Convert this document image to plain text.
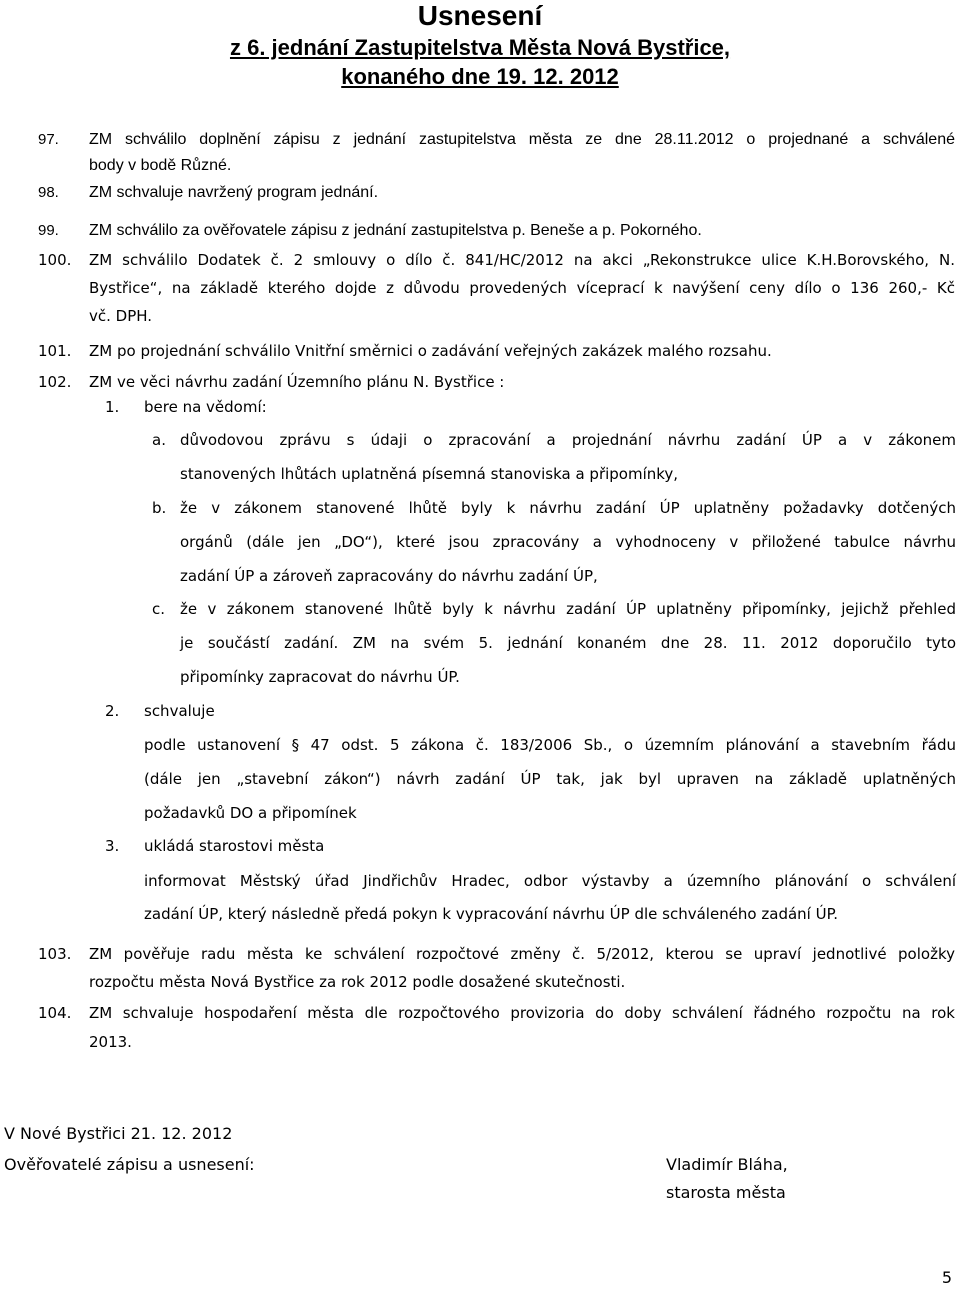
Usnesení
z 6. jednání Zastupitelstva Města Nová Bystřice,
konaného dne 19. 12. 2012
97. ZM schválilo doplnění zápisu z jednání zastupitelstva města ze dne 28.11.2012 o projednané a schválené
body v bodě Různé.
98. ZM schvaluje navržený program jednání.
99. ZM schválilo za ověřovatele zápisu z jednání zastupitelstva p. Beneše a p. Pokorného.
100. ZM schválilo Dodatek č. 2 smlouvy o dílo č. 841/HC/2012 na akci „Rekonstrukce ulice K.H.Borovského, N.
Bystřice“, na základě kterého dojde z důvodu provedených víceprací k navýšení ceny dílo o 136 260,- Kč
vč. DPH.
101. ZM po projednání schválilo Vnitřní směrnici o zadávání veřejných zakázek malého rozsahu.
102. ZM ve věci návrhu zadání Územního plánu N. Bystřice :
1. bere na vědomí:
a. důvodovou zprávu s údaji o zpracování a projednání návrhu zadání ÚP a v zákonem
stanovených lhůtách uplatněná písemná stanoviska a připomínky,
b. že v zákonem stanovené lhůtě byly k návrhu zadání ÚP uplatněny požadavky dotčených
orgánů (dále jen „DO“), které jsou zpracovány a vyhodnoceny v přiložené tabulce návrhu
zadání ÚP a zároveň zapracovány do návrhu zadání ÚP,
c. že v zákonem stanovené lhůtě byly k návrhu zadání ÚP uplatněny připomínky, jejichž přehled
je součástí zadání. ZM na svém 5. jednání konaném dne 28. 11. 2012 doporučilo tyto
připomínky zapracovat do návrhu ÚP.
2. schvaluje
podle ustanovení § 47 odst. 5 zákona č. 183/2006 Sb., o územním plánování a stavebním řádu
(dále jen „stavební zákon“) návrh zadání ÚP tak, jak byl upraven na základě uplatněných
požadavků DO a připomínek
3. ukládá starostovi města
informovat Městský úřad Jindřichův Hradec, odbor výstavby a územního plánování o schválení
zadání ÚP, který následně předá pokyn k vypracování návrhu ÚP dle schváleného zadání ÚP.
103. ZM pověřuje radu města ke schválení rozpočtové změny č. 5/2012, kterou se upraví jednotlivé položky
rozpočtu města Nová Bystřice za rok 2012 podle dosažené skutečnosti.
104. ZM schvaluje hospodaření města dle rozpočtového provizoria do doby schválení řádného rozpočtu na rok
2013.
V Nové Bystřici 21. 12. 2012
Ověřovatelé zápisu a usnesení:	Vladimír Bláha,
starosta města
5
